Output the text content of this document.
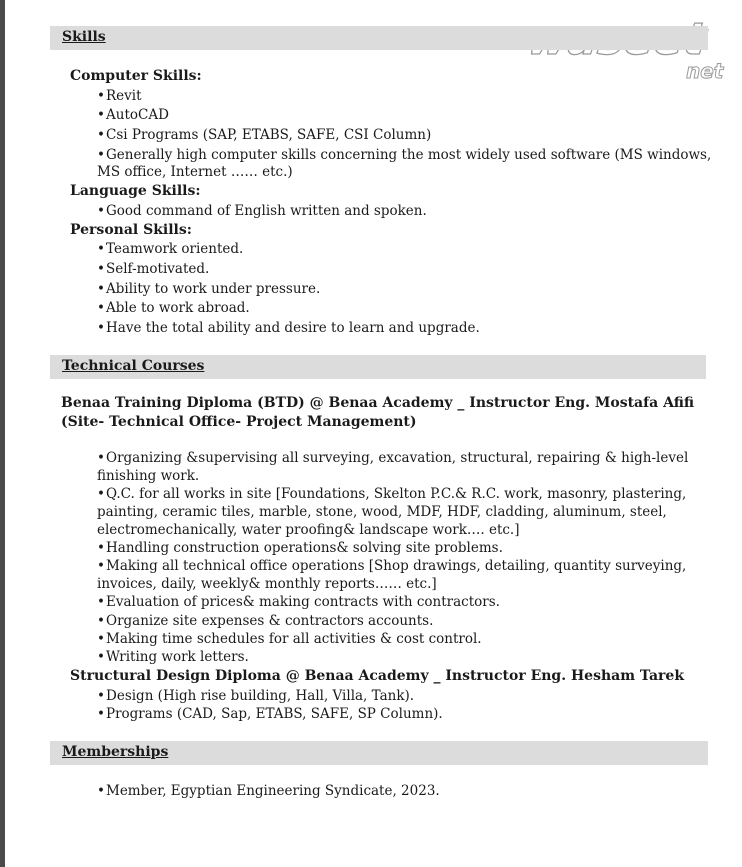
net
Skills
Computer Skills:
• Revit
• AutoCAD
• Csi Programs (SAP, ETABS, SAFE, CSI Column)
• Generally high computer skills concerning the most widely used software (MS windows,
MS office, Internet …… etc.)
Language Skills:
• Good command of English written and spoken.
Personal Skills:
• Teamwork oriented.
• Self-motivated.
• Ability to work under pressure.
• Able to work abroad.
• Have the total ability and desire to learn and upgrade.
Technical Courses
Benaa Training Diploma (BTD) @ Benaa Academy _ Instructor Eng. Mostafa Afifi
(Site- Technical Office- Project Management)
• Organizing &supervising all surveying, excavation, structural, repairing & high-level
finishing work.
• Q.C. for all works in site [Foundations, Skelton P.C.& R.C. work, masonry, plastering,
painting, ceramic tiles, marble, stone, wood, MDF, HDF, cladding, aluminum, steel,
electromechanically, water proofing& landscape work…. etc.]
• Handling construction operations& solving site problems.
• Making all technical office operations [Shop drawings, detailing, quantity surveying,
invoices, daily, weekly& monthly reports…… etc.]
• Evaluation of prices& making contracts with contractors.
• Organize site expenses & contractors accounts.
• Making time schedules for all activities & cost control.
• Writing work letters.
Structural Design Diploma @ Benaa Academy _ Instructor Eng. Hesham Tarek
• Design (High rise building, Hall, Villa, Tank).
• Programs (CAD, Sap, ETABS, SAFE, SP Column).
Memberships
• Member, Egyptian Engineering Syndicate, 2023.
